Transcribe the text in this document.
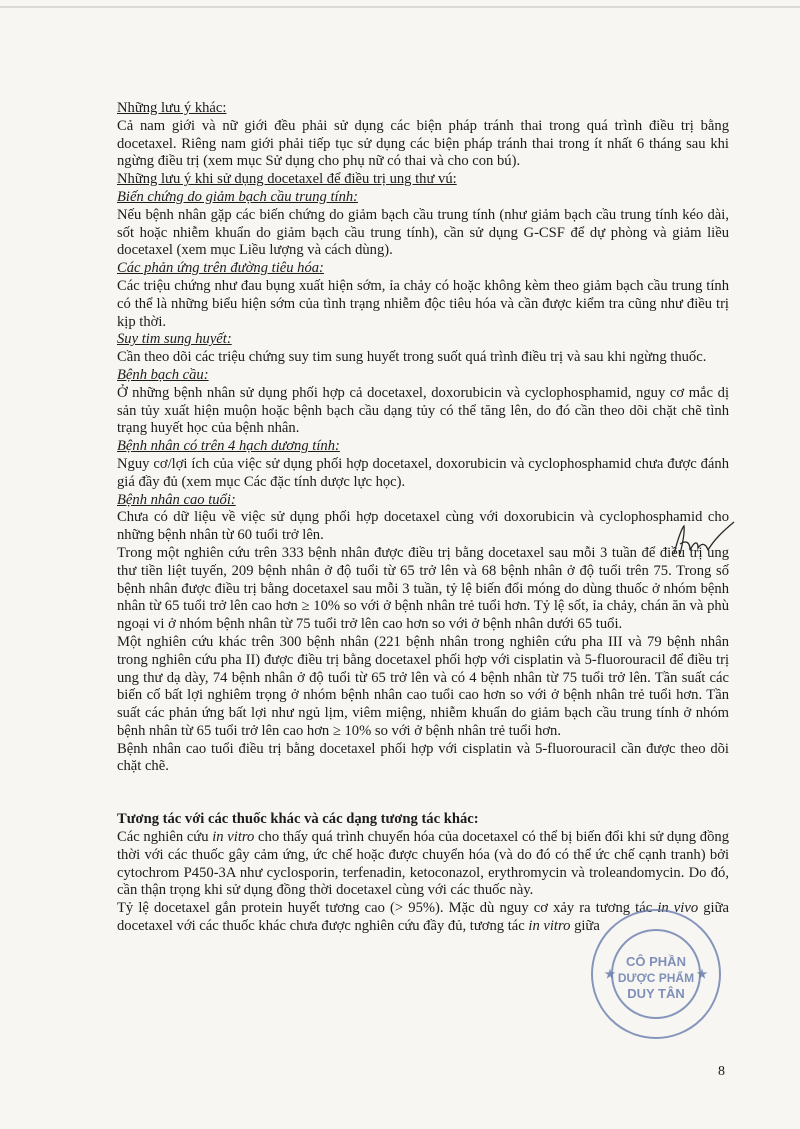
Những lưu ý khác:

Cả nam giới và nữ giới đều phải sử dụng các biện pháp tránh thai trong quá trình điều trị bằng docetaxel. Riêng nam giới phải tiếp tục sử dụng các biện pháp tránh thai trong ít nhất 6 tháng sau khi ngừng điều trị (xem mục Sử dụng cho phụ nữ có thai và cho con bú).

Những lưu ý khi sử dụng docetaxel để điều trị ung thư vú:

Biến chứng do giảm bạch cầu trung tính:

Nếu bệnh nhân gặp các biến chứng do giảm bạch cầu trung tính (như giảm bạch cầu trung tính kéo dài, sốt hoặc nhiễm khuẩn do giảm bạch cầu trung tính), cần sử dụng G-CSF để dự phòng và giảm liều docetaxel (xem mục Liều lượng và cách dùng).

Các phản ứng trên đường tiêu hóa:

Các triệu chứng như đau bụng xuất hiện sớm, ỉa chảy có hoặc không kèm theo giảm bạch cầu trung tính có thể là những biểu hiện sớm của tình trạng nhiễm độc tiêu hóa và cần được kiểm tra cũng như điều trị kịp thời.

Suy tim sung huyết:

Cần theo dõi các triệu chứng suy tim sung huyết trong suốt quá trình điều trị và sau khi ngừng thuốc.

Bệnh bạch cầu:

Ở những bệnh nhân sử dụng phối hợp cả docetaxel, doxorubicin và cyclophosphamid, nguy cơ mắc dị sản tủy xuất hiện muộn hoặc bệnh bạch cầu dạng tủy có thể tăng lên, do đó cần theo dõi chặt chẽ tình trạng huyết học của bệnh nhân.

Bệnh nhân có trên 4 hạch dương tính:

Nguy cơ/lợi ích của việc sử dụng phối hợp docetaxel, doxorubicin và cyclophosphamid chưa được đánh giá đầy đủ (xem mục Các đặc tính dược lực học).

Bệnh nhân cao tuổi:

Chưa có dữ liệu về việc sử dụng phối hợp docetaxel cùng với doxorubicin và cyclophosphamid cho những bệnh nhân từ 60 tuổi trở lên.

Trong một nghiên cứu trên 333 bệnh nhân được điều trị bằng docetaxel sau mỗi 3 tuần để điều trị ung thư tiền liệt tuyến, 209 bệnh nhân ở độ tuổi từ 65 trở lên và 68 bệnh nhân ở độ tuổi trên 75. Trong số bệnh nhân được điều trị bằng docetaxel sau mỗi 3 tuần, tỷ lệ biến đổi móng do dùng thuốc ở nhóm bệnh nhân từ 65 tuổi trở lên cao hơn ≥ 10% so với ở bệnh nhân trẻ tuổi hơn. Tỷ lệ sốt, ỉa chảy, chán ăn và phù ngoại vi ở nhóm bệnh nhân từ 75 tuổi trở lên cao hơn so với ở bệnh nhân dưới 65 tuổi.

Một nghiên cứu khác trên 300 bệnh nhân (221 bệnh nhân trong nghiên cứu pha III và 79 bệnh nhân trong nghiên cứu pha II) được điều trị bằng docetaxel phối hợp với cisplatin và 5-fluorouracil để điều trị ung thư dạ dày, 74 bệnh nhân ở độ tuổi từ 65 trở lên và có 4 bệnh nhân từ 75 tuổi trở lên. Tần suất các biến cố bất lợi nghiêm trọng ở nhóm bệnh nhân cao tuổi cao hơn so với ở bệnh nhân trẻ tuổi hơn. Tần suất các phản ứng bất lợi như ngủ lịm, viêm miệng, nhiễm khuẩn do giảm bạch cầu trung tính ở nhóm bệnh nhân từ 65 tuổi trở lên cao hơn ≥ 10% so với ở bệnh nhân trẻ tuổi hơn.

Bệnh nhân cao tuổi điều trị bằng docetaxel phối hợp với cisplatin và 5-fluorouracil cần được theo dõi chặt chẽ.

Tương tác với các thuốc khác và các dạng tương tác khác:

Các nghiên cứu in vitro cho thấy quá trình chuyển hóa của docetaxel có thể bị biến đổi khi sử dụng đồng thời với các thuốc gây cảm ứng, ức chế hoặc được chuyển hóa (và do đó có thể ức chế cạnh tranh) bởi cytochrom P450-3A như cyclosporin, terfenadin, ketoconazol, erythromycin và troleandomycin. Do đó, cần thận trọng khi sử dụng đồng thời docetaxel cùng với các thuốc này.

Tỷ lệ docetaxel gắn protein huyết tương cao (> 95%). Mặc dù nguy cơ xảy ra tương tác in vivo giữa docetaxel với các thuốc khác chưa được nghiên cứu đầy đủ, tương tác in vitro giữa

CÔ PHẦN
DƯỢC PHẨM
DUY TÂN
★	★
8
